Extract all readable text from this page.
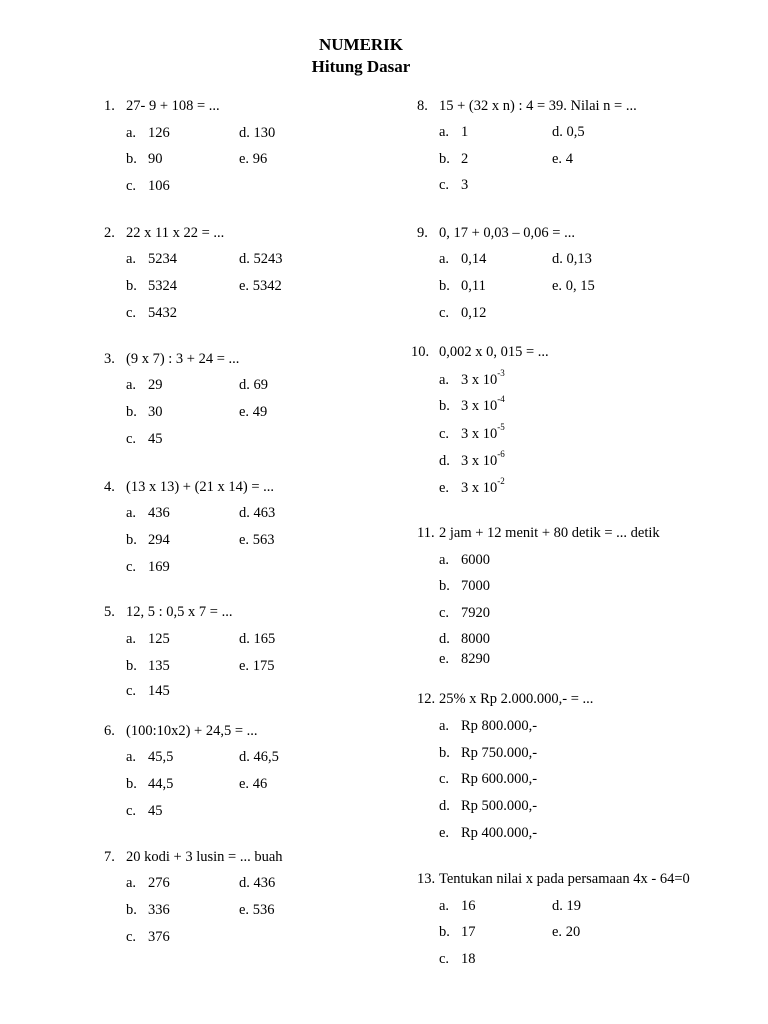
NUMERIK
Hitung Dasar
1. 27- 9 + 108 = ...
a. 126	d. 130
b. 90	e. 96
c. 106
2. 22 x 11 x 22 = ...
a. 5234	d. 5243
b. 5324	e. 5342
c. 5432
3. (9 x 7) : 3 + 24 = ...
a. 29	d. 69
b. 30	e. 49
c. 45
4. (13 x 13) + (21 x 14) = ...
a. 436	d. 463
b. 294	e. 563
c. 169
5. 12, 5 : 0,5 x 7 = ...
a. 125	d. 165
b. 135	e. 175
c. 145
6. (100:10x2) + 24,5 = ...
a. 45,5	d. 46,5
b. 44,5	e. 46
c. 45
7. 20 kodi + 3 lusin = ... buah
a. 276	d. 436
b. 336	e. 536
c. 376
8. 15 + (32 x n) : 4 = 39. Nilai n = ...
a. 1	d. 0,5
b. 2	e. 4
c. 3
9. 0, 17 + 0,03 – 0,06 = ...
a. 0,14	d. 0,13
b. 0,11	e. 0, 15
c. 0,12
10. 0,002 x 0, 015 = ...
a. 3 x $10^{-3}$
b. 3 x $10^{-4}$
c. 3 x $10^{-5}$
d. 3 x $10^{-6}$
e. 3 x $10^{-2}$
11. 2 jam + 12 menit + 80 detik = ... detik
a. 6000
b. 7000
c. 7920
d. 8000
e. 8290
12. 25% x Rp 2.000.000,- = ...
a. Rp 800.000,-
b. Rp 750.000,-
c. Rp 600.000,-
d. Rp 500.000,-
e. Rp 400.000,-
13. Tentukan nilai x pada persamaan 4x - 64=0
a. 16	d. 19
b. 17	e. 20
c. 18
